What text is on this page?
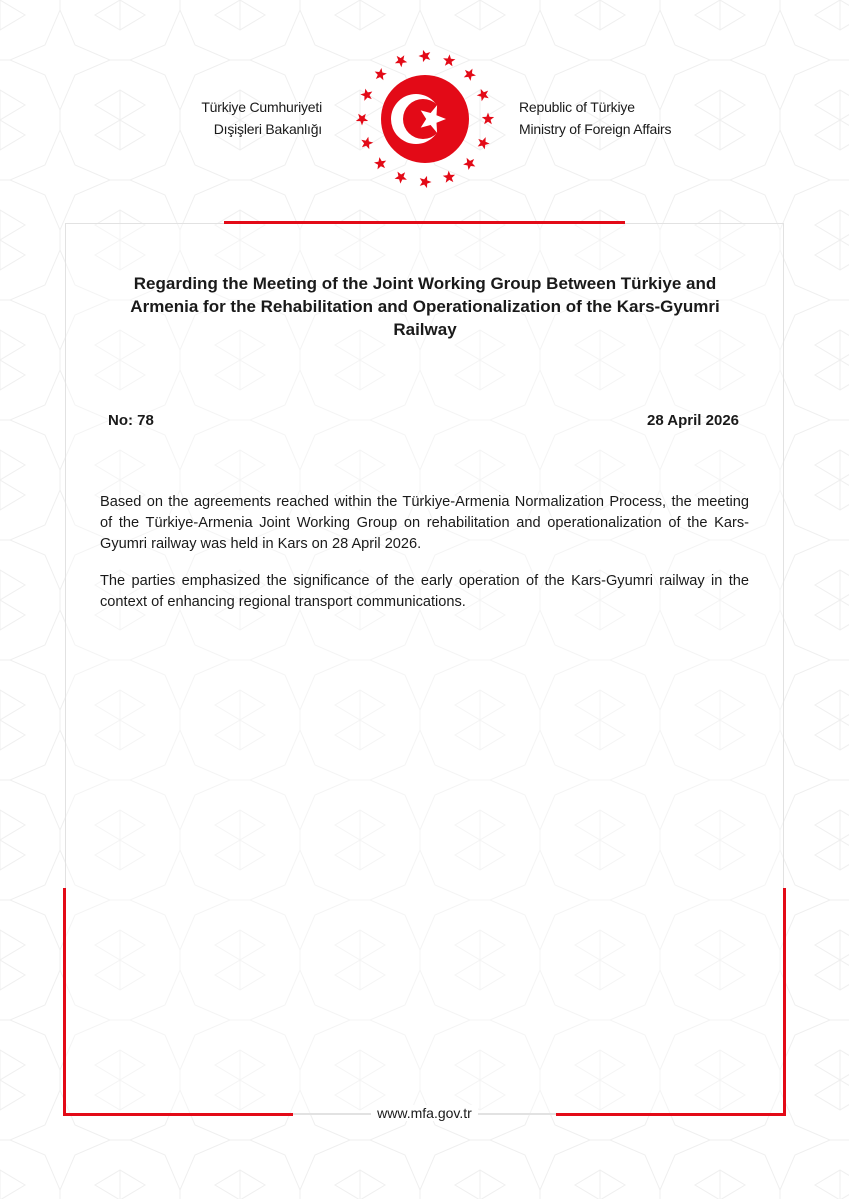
Türkiye Cumhuriyeti
Dışişleri Bakanlığı
Republic of Türkiye
Ministry of Foreign Affairs
Regarding the Meeting of the Joint Working Group Between Türkiye and Armenia for the Rehabilitation and Operationalization of the Kars-Gyumri Railway
No: 78	28 April 2026

Based on the agreements reached within the Türkiye-Armenia Normalization Process, the meeting of the Türkiye-Armenia Joint Working Group on rehabilitation and operationalization of the Kars-Gyumri railway was held in Kars on 28 April 2026.

The parties emphasized the significance of the early operation of the Kars-Gyumri railway in the context of enhancing regional transport communications.

www.mfa.gov.tr
